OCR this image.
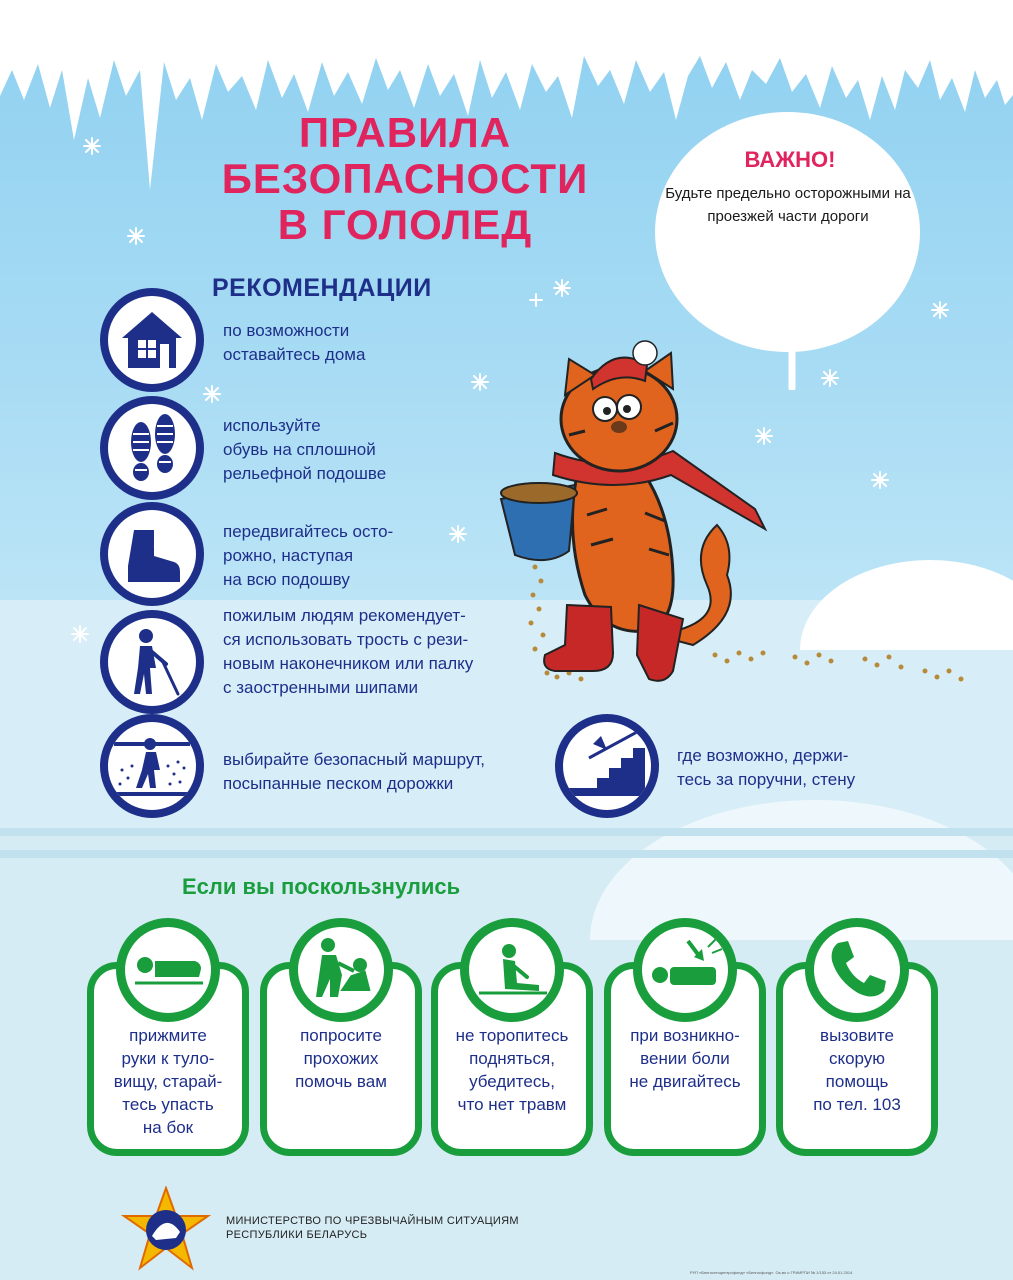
ПРАВИЛА
БЕЗОПАСНОСТИ
В ГОЛОЛЕД
ВАЖНО!
Будьте предельно осторожными на проезжей части дороги
РЕКОМЕНДАЦИИ
по возможности
оставайтесь дома
используйте
обувь на сплошной
рельефной подошве
передвигайтесь осто-
рожно, наступая
на всю подошву
пожилым людям рекомендует-
ся использовать трость с рези-
новым наконечником или палку
с заостренными шипами
выбирайте безопасный маршрут,
посыпанные песком дорожки
где возможно, держи-
тесь за поручни, стену
Если вы поскользнулись
прижмите
руки к туло-
вищу, старай-
тесь упасть
на бок
попросите
прохожих
помочь вам
не торопитесь
подняться,
убедитесь,
что нет травм
при возникно-
вении боли
не двигайтесь
вызовите
скорую
помощь
по тел. 103
МИНИСТЕРСТВО ПО ЧРЕЗВЫЧАЙНЫМ СИТУАЦИЯМ
РЕСПУБЛИКИ БЕЛАРУСЬ
РУП «Белгосгеоцентрофонд» «Белгосфонд». Св-во о ГРИИРПИ № 1/153 от 24.01.2014
